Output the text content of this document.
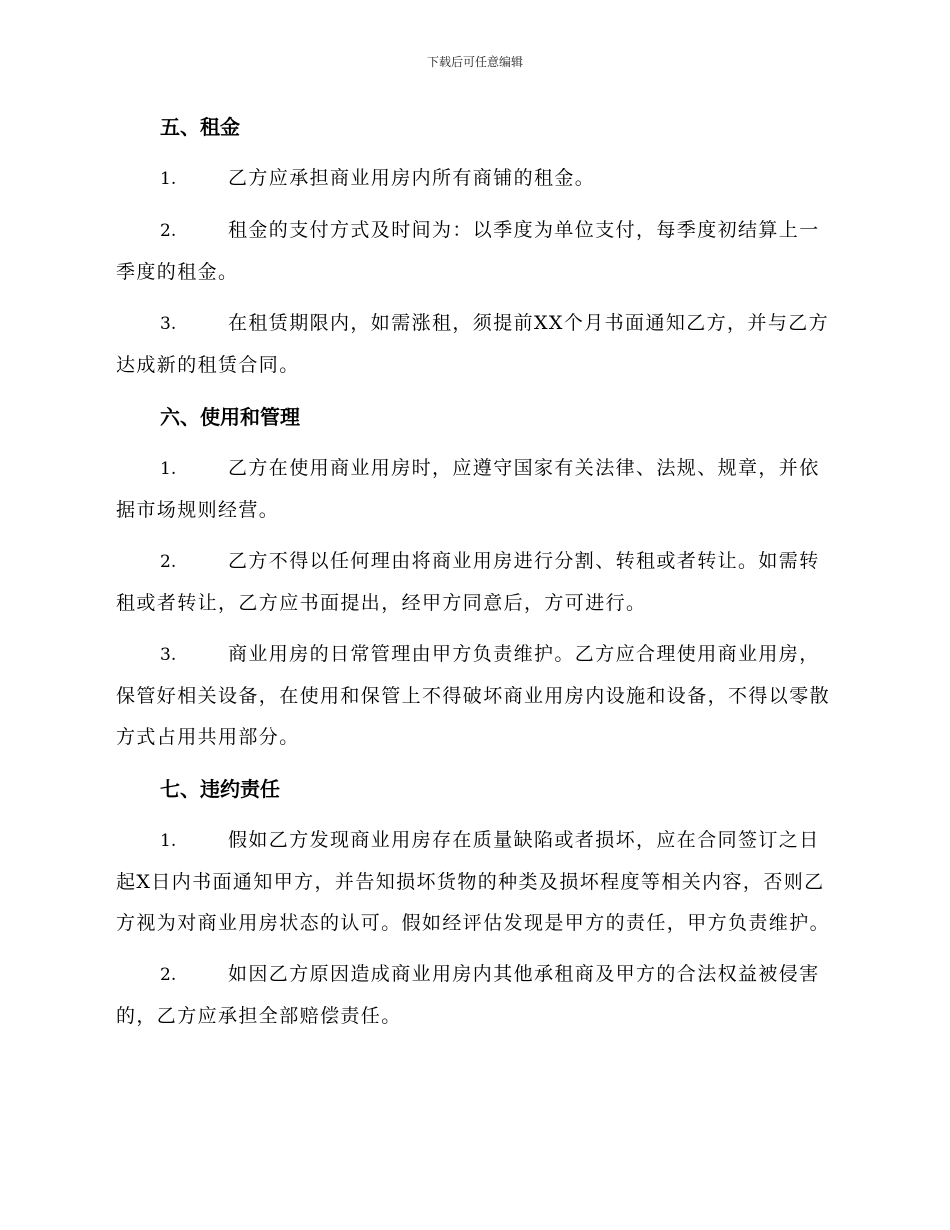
下载后可任意编辑
五、租金

1.	乙方应承担商业用房内所有商铺的租金。

2.	租金的支付方式及时间为：以季度为单位支付，每季度初结算上一季度的租金。

3.	在租赁期限内，如需涨租，须提前XX个月书面通知乙方，并与乙方达成新的租赁合同。

六、使用和管理

1.	乙方在使用商业用房时，应遵守国家有关法律、法规、规章，并依据市场规则经营。

2.	乙方不得以任何理由将商业用房进行分割、转租或者转让。如需转租或者转让，乙方应书面提出，经甲方同意后，方可进行。

3.	商业用房的日常管理由甲方负责维护。乙方应合理使用商业用房，保管好相关设备，在使用和保管上不得破坏商业用房内设施和设备，不得以零散方式占用共用部分。

七、违约责任

1.	假如乙方发现商业用房存在质量缺陷或者损坏，应在合同签订之日起X日内书面通知甲方，并告知损坏货物的种类及损坏程度等相关内容，否则乙方视为对商业用房状态的认可。假如经评估发现是甲方的责任，甲方负责维护。

2.	如因乙方原因造成商业用房内其他承租商及甲方的合法权益被侵害的，乙方应承担全部赔偿责任。
